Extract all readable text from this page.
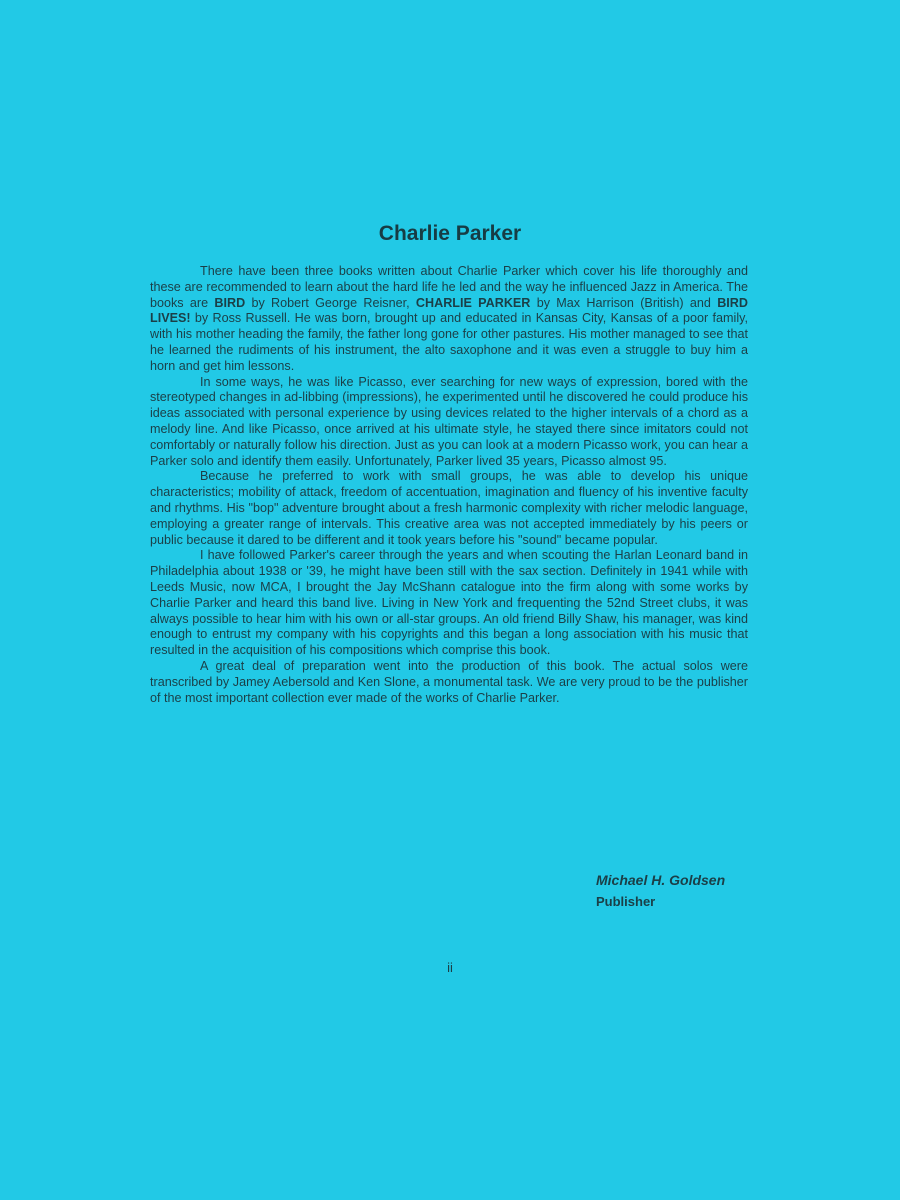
Charlie Parker

There have been three books written about Charlie Parker which cover his life thoroughly and these are recommended to learn about the hard life he led and the way he influenced Jazz in America. The books are BIRD by Robert George Reisner, CHARLIE PARKER by Max Harrison (British) and BIRD LIVES! by Ross Russell. He was born, brought up and educated in Kansas City, Kansas of a poor family, with his mother heading the family, the father long gone for other pastures. His mother managed to see that he learned the rudiments of his instrument, the alto saxophone and it was even a struggle to buy him a horn and get him lessons.

In some ways, he was like Picasso, ever searching for new ways of expression, bored with the stereotyped changes in ad-libbing (impressions), he experimented until he discovered he could produce his ideas associated with personal experience by using devices related to the higher intervals of a chord as a melody line. And like Picasso, once arrived at his ultimate style, he stayed there since imitators could not comfortably or naturally follow his direction. Just as you can look at a modern Picasso work, you can hear a Parker solo and identify them easily. Unfortunately, Parker lived 35 years, Picasso almost 95.

Because he preferred to work with small groups, he was able to develop his unique characteristics; mobility of attack, freedom of accentuation, imagination and fluency of his inventive faculty and rhythms. His "bop" adventure brought about a fresh harmonic complexity with richer melodic language, employing a greater range of intervals. This creative area was not accepted immediately by his peers or public because it dared to be different and it took years before his "sound" became popular.

I have followed Parker's career through the years and when scouting the Harlan Leonard band in Philadelphia about 1938 or '39, he might have been still with the sax section. Definitely in 1941 while with Leeds Music, now MCA, I brought the Jay McShann catalogue into the firm along with some works by Charlie Parker and heard this band live. Living in New York and frequenting the 52nd Street clubs, it was always possible to hear him with his own or all-star groups. An old friend Billy Shaw, his manager, was kind enough to entrust my company with his copyrights and this began a long association with his music that resulted in the acquisition of his compositions which comprise this book.

A great deal of preparation went into the production of this book. The actual solos were transcribed by Jamey Aebersold and Ken Slone, a monumental task. We are very proud to be the publisher of the most important collection ever made of the works of Charlie Parker.

Michael H. Goldsen
Publisher
ii
